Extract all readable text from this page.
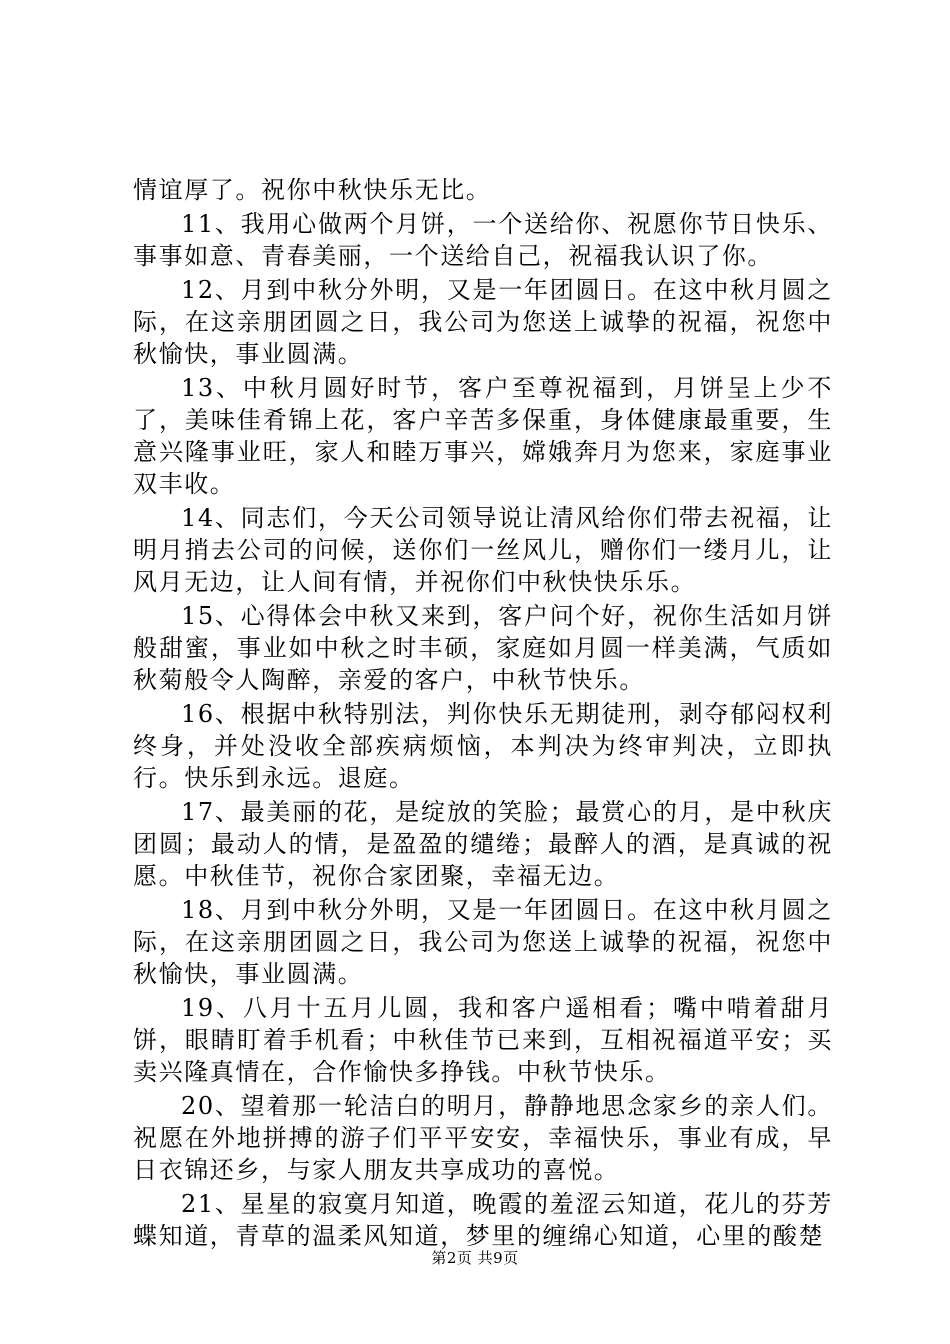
情谊厚了。祝你中秋快乐无比。

11、我用心做两个月饼，一个送给你、祝愿你节日快乐、事事如意、青春美丽，一个送给自己，祝福我认识了你。

12、月到中秋分外明，又是一年团圆日。在这中秋月圆之际，在这亲朋团圆之日，我公司为您送上诚挚的祝福，祝您中秋愉快，事业圆满。

13、中秋月圆好时节，客户至尊祝福到，月饼呈上少不了，美味佳肴锦上花，客户辛苦多保重，身体健康最重要，生意兴隆事业旺，家人和睦万事兴，嫦娥奔月为您来，家庭事业双丰收。

14、同志们，今天公司领导说让清风给你们带去祝福，让明月捎去公司的问候，送你们一丝风儿，赠你们一缕月儿，让风月无边，让人间有情，并祝你们中秋快快乐乐。

15、心得体会中秋又来到，客户问个好，祝你生活如月饼般甜蜜，事业如中秋之时丰硕，家庭如月圆一样美满，气质如秋菊般令人陶醉，亲爱的客户，中秋节快乐。

16、根据中秋特别法，判你快乐无期徒刑，剥夺郁闷权利终身，并处没收全部疾病烦恼，本判决为终审判决，立即执行。快乐到永远。退庭。

17、最美丽的花，是绽放的笑脸；最赏心的月，是中秋庆团圆；最动人的情，是盈盈的缱绻；最醉人的酒，是真诚的祝愿。中秋佳节，祝你合家团聚，幸福无边。

18、月到中秋分外明，又是一年团圆日。在这中秋月圆之际，在这亲朋团圆之日，我公司为您送上诚挚的祝福，祝您中秋愉快，事业圆满。

19、八月十五月儿圆，我和客户遥相看；嘴中啃着甜月饼，眼睛盯着手机看；中秋佳节已来到，互相祝福道平安；买卖兴隆真情在，合作愉快多挣钱。中秋节快乐。

20、望着那一轮洁白的明月，静静地思念家乡的亲人们。祝愿在外地拼搏的游子们平平安安，幸福快乐，事业有成，早日衣锦还乡，与家人朋友共享成功的喜悦。

21、星星的寂寞月知道，晚霞的羞涩云知道，花儿的芬芳蝶知道，青草的温柔风知道，梦里的缠绵心知道，心里的酸楚

第2页 共9页
